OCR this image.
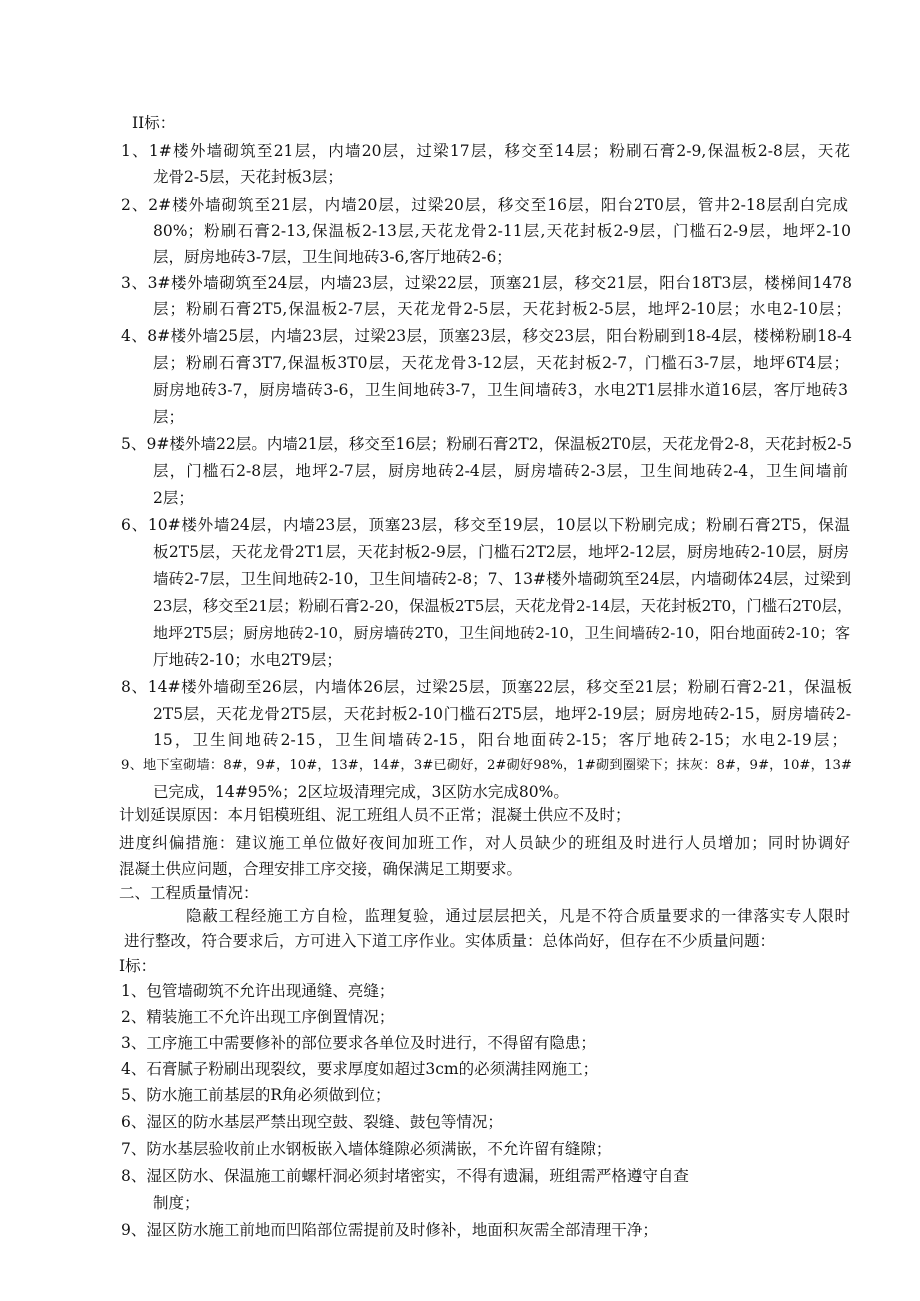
II标：
1、1#楼外墙砌筑至21层，内墙20层，过梁17层，移交至14层；粉刷石膏2-9,保温板2-8层，天花
龙骨2-5层，天花封板3层；
2、2#楼外墙砌筑至21层，内墙20层，过梁20层，移交至16层，阳台2T0层，管井2-18层刮白完成
80%；粉刷石膏2-13,保温板2-13层,天花龙骨2-11层,天花封板2-9层，门槛石2-9层，地坪2-10
层，厨房地砖3-7层，卫生间地砖3-6,客厅地砖2-6；
3、3#楼外墙砌筑至24层，内墙23层，过梁22层，顶塞21层，移交21层，阳台18T3层，楼梯间1478
层；粉刷石膏2T5,保温板2-7层，天花龙骨2-5层，天花封板2-5层，地坪2-10层；水电2-10层；
4、8#楼外墙25层，内墙23层，过梁23层，顶塞23层，移交23层，阳台粉刷到18-4层，楼梯粉刷18-4
层；粉刷石膏3T7,保温板3T0层，天花龙骨3-12层，天花封板2-7，门槛石3-7层，地坪6T4层；
厨房地砖3-7，厨房墙砖3-6，卫生间地砖3-7，卫生间墙砖3，水电2T1层排水道16层，客厅地砖3
层；
5、9#楼外墙22层。内墙21层，移交至16层；粉刷石膏2T2，保温板2T0层，天花龙骨2-8，天花封板2-5
层，门槛石2-8层，地坪2-7层，厨房地砖2-4层，厨房墙砖2-3层，卫生间地砖2-4，卫生间墙前
2层；
6、10#楼外墙24层，内墙23层，顶塞23层，移交至19层，10层以下粉刷完成；粉刷石膏2T5，保温
板2T5层，天花龙骨2T1层，天花封板2-9层，门槛石2T2层，地坪2-12层，厨房地砖2-10层，厨房
墙砖2-7层，卫生间地砖2-10，卫生间墙砖2-8；7、13#楼外墙砌筑至24层，内墙砌体24层，过梁到
23层，移交至21层；粉刷石膏2-20，保温板2T5层，天花龙骨2-14层，天花封板2T0，门槛石2T0层，
地坪2T5层；厨房地砖2-10，厨房墙砖2T0，卫生间地砖2-10，卫生间墙砖2-10，阳台地面砖2-10；客
厅地砖2-10；水电2T9层；
8、14#楼外墙砌至26层，内墙体26层，过梁25层，顶塞22层，移交至21层；粉刷石膏2-21，保温板
2T5层，天花龙骨2T5层，天花封板2-10门槛石2T5层，地坪2-19层；厨房地砖2-15，厨房墙砖2-
15，卫生间地砖2-15，卫生间墙砖2-15，阳台地面砖2-15；客厅地砖2-15；水电2-19层；
9、地下室砌墙：8#，9#，10#，13#，14#，3#已砌好，2#砌好98%，1#砌到圈梁下；抹灰：8#，9#，10#，13#
已完成，14#95%；2区垃圾清理完成，3区防水完成80%。
计划延误原因：本月铝模班组、泥工班组人员不正常；混凝土供应不及时；
进度纠偏措施：建议施工单位做好夜间加班工作，对人员缺少的班组及时进行人员增加；同时协调好
混凝土供应问题，合理安排工序交接，确保满足工期要求。
二、工程质量情况：
隐蔽工程经施工方自检，监理复验，通过层层把关，凡是不符合质量要求的一律落实专人限时
进行整改，符合要求后，方可进入下道工序作业。实体质量：总体尚好，但存在不少质量问题：
I标：
1、包管墙砌筑不允许出现通缝、亮缝；
2、精装施工不允许出现工序倒置情况；
3、工序施工中需要修补的部位要求各单位及时进行，不得留有隐患；
4、石膏腻子粉刷出现裂纹，要求厚度如超过3cm的必须满挂网施工；
5、防水施工前基层的R角必须做到位；
6、湿区的防水基层严禁出现空鼓、裂缝、鼓包等情况；
7、防水基层验收前止水钢板嵌入墙体缝隙必须满嵌，不允许留有缝隙；
8、湿区防水、保温施工前螺杆洞必须封堵密实，不得有遗漏，班组需严格遵守自查
制度；
9、湿区防水施工前地而凹陷部位需提前及时修补，地面积灰需全部清理干净；
